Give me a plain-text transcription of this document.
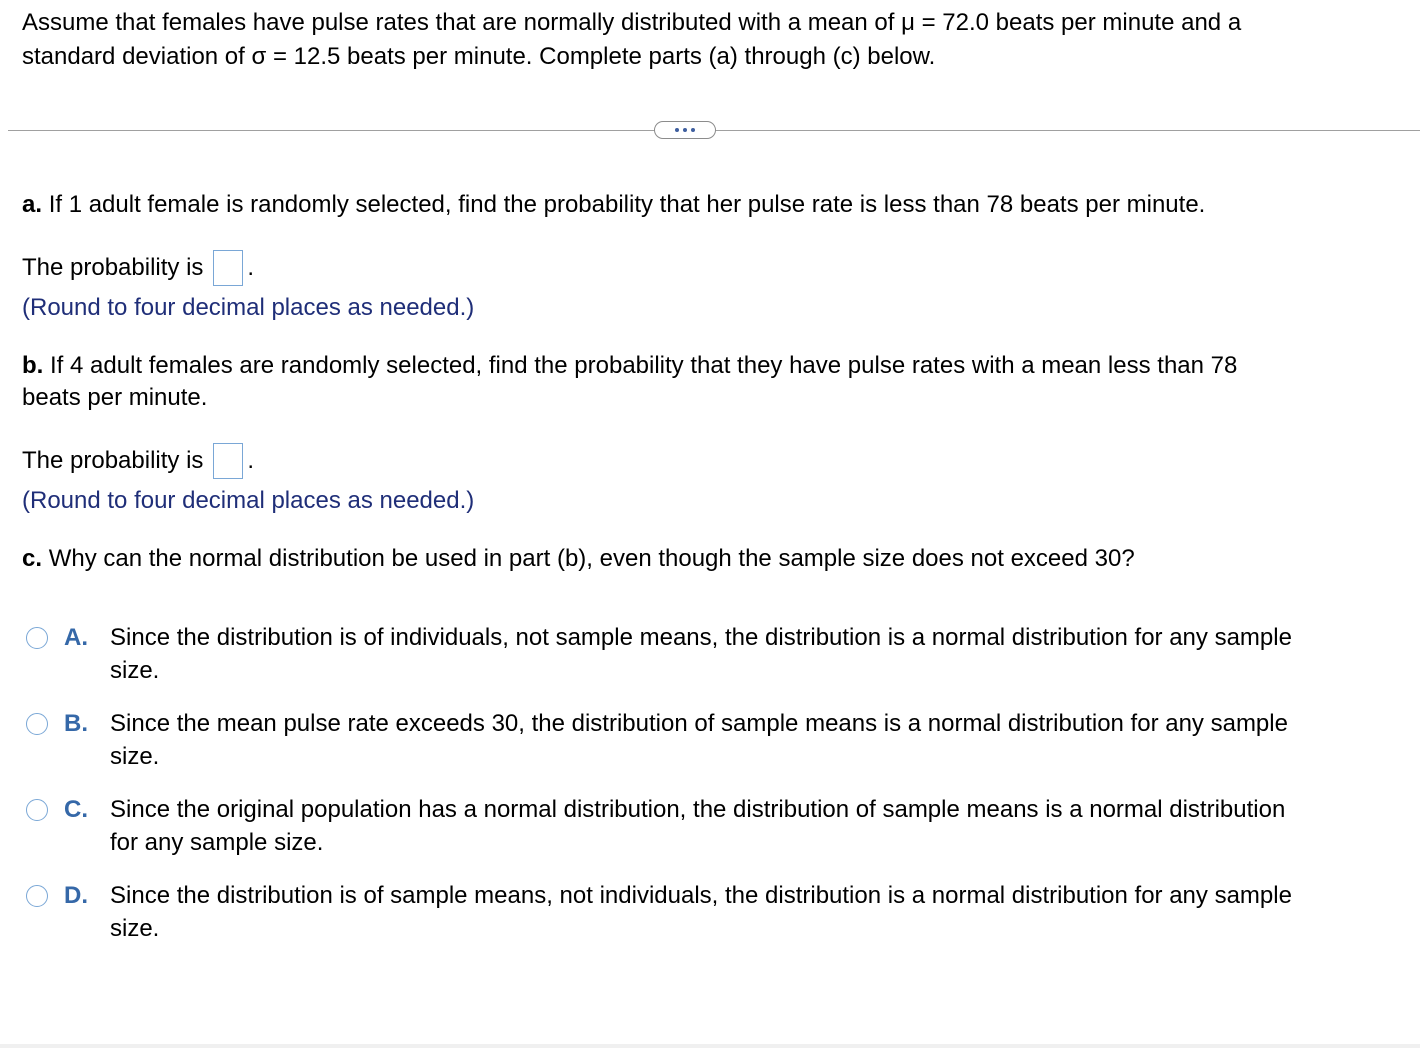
Assume that females have pulse rates that are normally distributed with a mean of μ = 72.0 beats per minute and a
standard deviation of σ = 12.5 beats per minute. Complete parts (a) through (c) below.
a. If 1 adult female is randomly selected, find the probability that her pulse rate is less than 78 beats per minute.
The probability is .
(Round to four decimal places as needed.)
b. If 4 adult females are randomly selected, find the probability that they have pulse rates with a mean less than 78
beats per minute.
The probability is .
(Round to four decimal places as needed.)
c. Why can the normal distribution be used in part (b), even though the sample size does not exceed 30?
A. Since the distribution is of individuals, not sample means, the distribution is a normal distribution for any sample
size.
B. Since the mean pulse rate exceeds 30, the distribution of sample means is a normal distribution for any sample
size.
C. Since the original population has a normal distribution, the distribution of sample means is a normal distribution
for any sample size.
D. Since the distribution is of sample means, not individuals, the distribution is a normal distribution for any sample
size.
